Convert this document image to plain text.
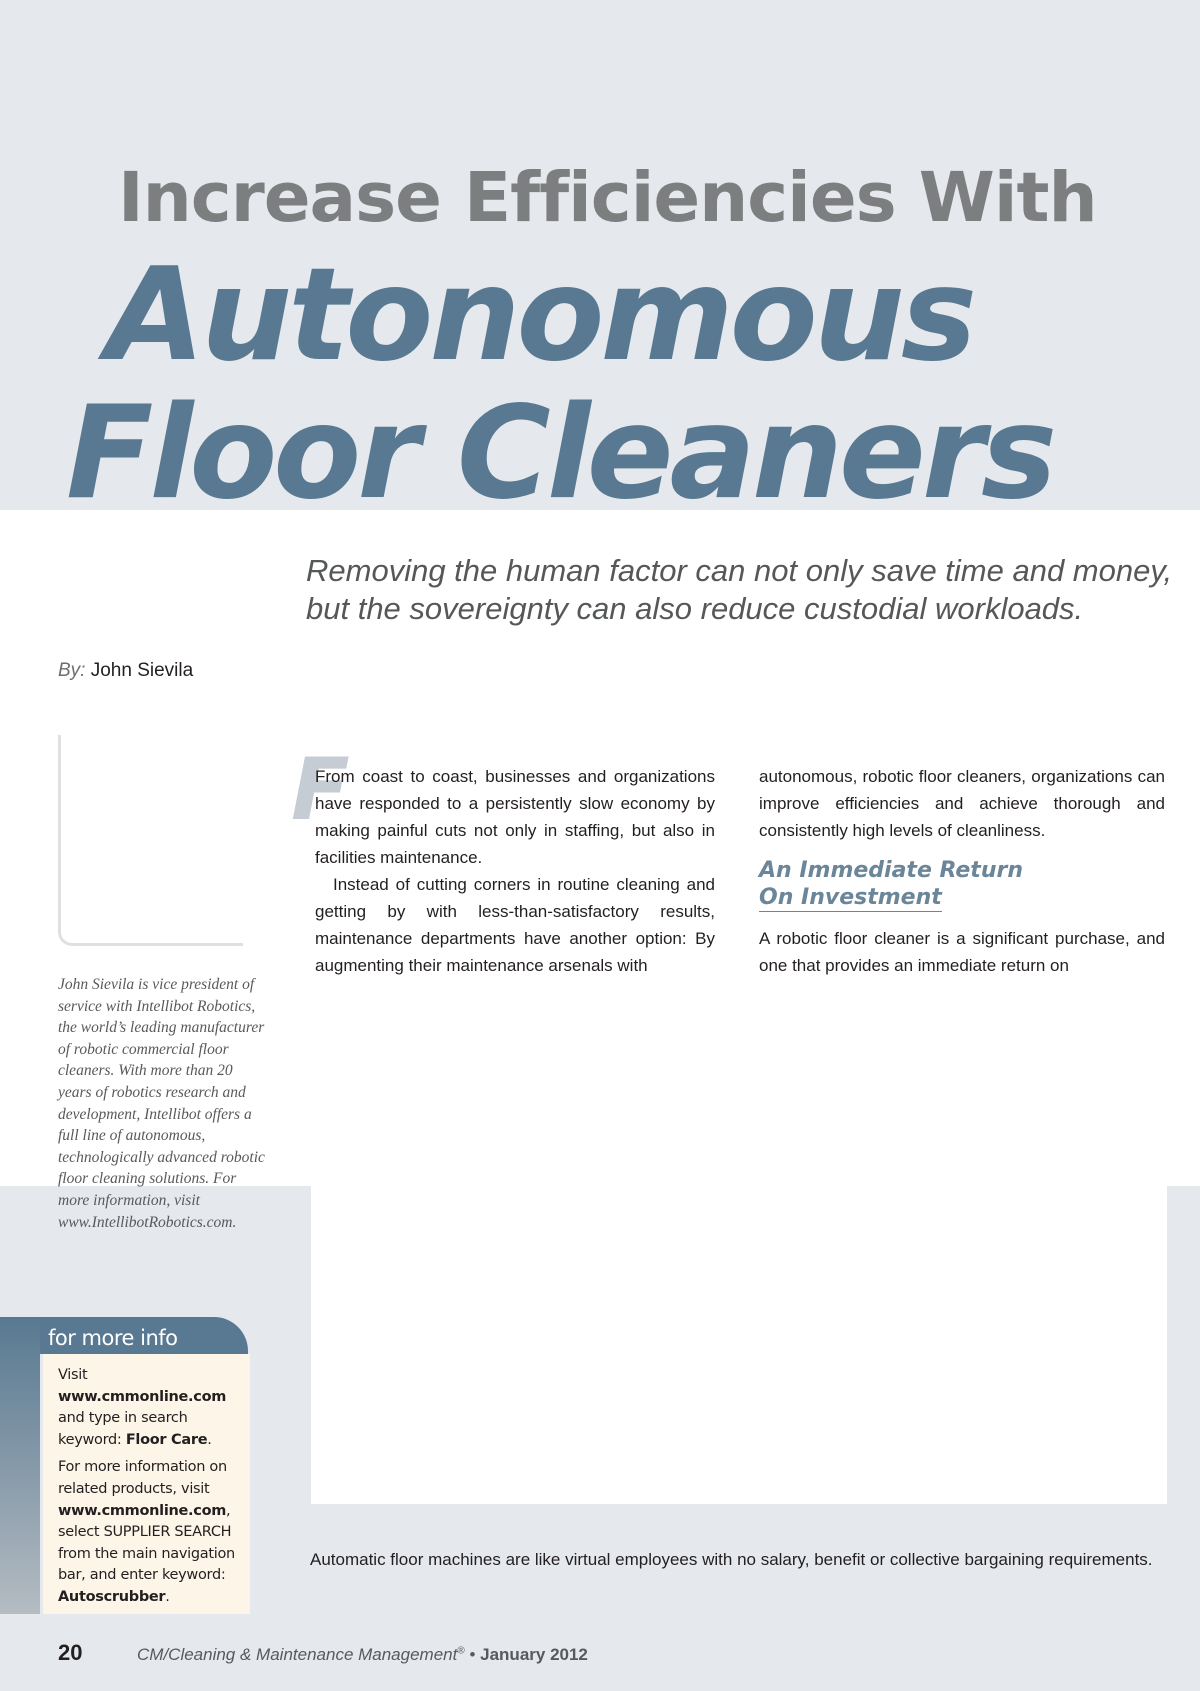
Increase Efficiencies With
Autonomous
Floor Cleaners

Removing the human factor can not only save time and money, but the sovereignty can also reduce custodial workloads.

By: John Sievila

John Sievila is vice president of service with Intellibot Robotics, the world’s leading manufacturer of robotic commercial floor cleaners. With more than 20 years of robotics research and development, Intellibot offers a full line of autonomous, technologically advanced robotic floor cleaning solutions. For more information, visit www.IntellibotRobotics.com.

F

From coast to coast, businesses and organizations have responded to a persistently slow economy by making painful cuts not only in staffing, but also in facilities maintenance.

Instead of cutting corners in routine cleaning and getting by with less-than-satisfactory results, maintenance departments have another option: By augmenting their maintenance arsenals with

autonomous, robotic floor cleaners, organizations can improve efficiencies and achieve thorough and consistently high levels of cleanliness.

An Immediate Return
On Investment

A robotic floor cleaner is a significant purchase, and one that provides an immediate return on

for more info

Visit www.cmmonline.com and type in search keyword: Floor Care.

For more information on related products, visit www.cmmonline.com, select SUPPLIER SEARCH from the main navigation bar, and enter keyword: Autoscrubber.

Automatic floor machines are like virtual employees with no salary, benefit or collective bargaining requirements.

20	CM/Cleaning & Maintenance Management® • January 2012
